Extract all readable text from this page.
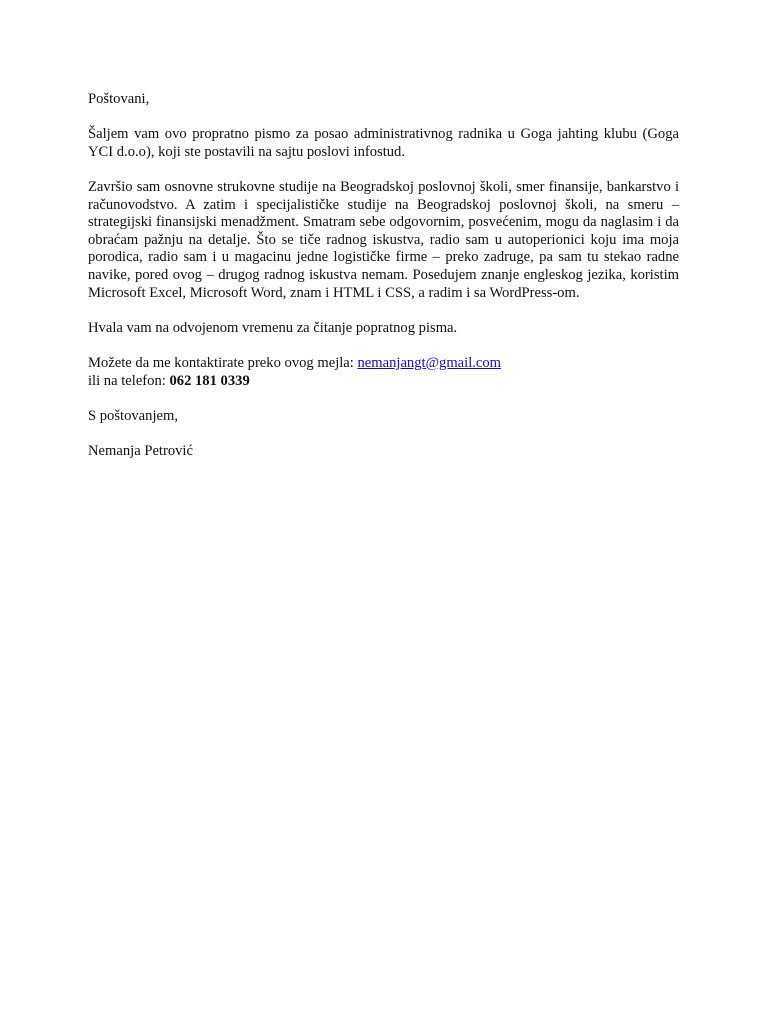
Poštovani,

Šaljem vam ovo propratno pismo za posao administrativnog radnika u Goga jahting klubu (Goga YCI d.o.o), koji ste postavili na sajtu poslovi infostud.

Završio sam osnovne strukovne studije na Beogradskoj poslovnoj školi, smer finansije, bankarstvo i računovodstvo. A zatim i specijalističke studije na Beogradskoj poslovnoj školi, na smeru – strategijski finansijski menadžment. Smatram sebe odgovornim, posvećenim, mogu da naglasim i da obraćam pažnju na detalje. Što se tiče radnog iskustva, radio sam u autoperionici koju ima moja porodica, radio sam i u magacinu jedne logističke firme – preko zadruge, pa sam tu stekao radne navike, pored ovog – drugog radnog iskustva nemam. Posedujem znanje engleskog jezika, koristim Microsoft Excel, Microsoft Word, znam i HTML i CSS, a radim i sa WordPress-om.

Hvala vam na odvojenom vremenu za čitanje popratnog pisma.

Možete da me kontaktirate preko ovog mejla: nemanjangt@gmail.com
ili na telefon: 062 181 0339

S poštovanjem,

Nemanja Petrović
